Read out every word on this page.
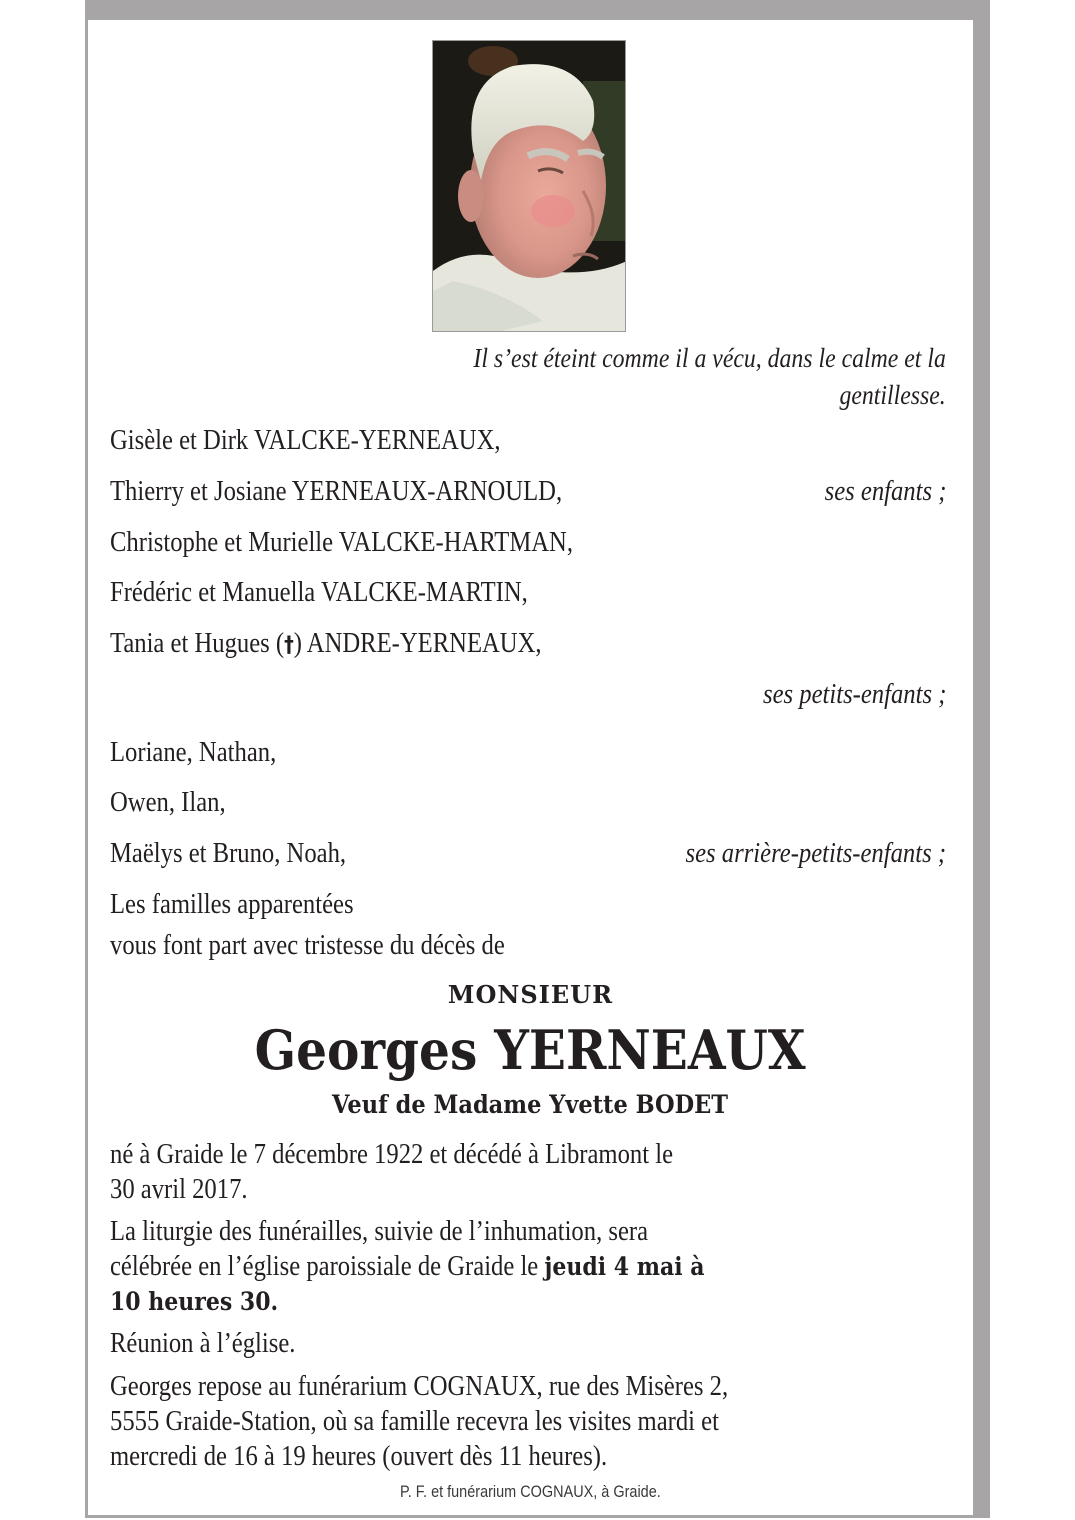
Il s’est éteint comme il a vécu, dans le calme et la
gentillesse.
Gisèle et Dirk VALCKE-YERNEAUX,
Thierry et Josiane YERNEAUX-ARNOULD,	ses enfants ;
Christophe et Murielle VALCKE-HARTMAN,
Frédéric et Manuella VALCKE-MARTIN,
Tania et Hugues (†) ANDRE-YERNEAUX,
ses petits-enfants ;
Loriane, Nathan,
Owen, Ilan,
Maëlys et Bruno, Noah,	ses arrière-petits-enfants ;
Les familles apparentées
vous font part avec tristesse du décès de
MONSIEUR
Georges YERNEAUX
Veuf de Madame Yvette BODET
né à Graide le 7 décembre 1922 et décédé à Libramont le
30 avril 2017.
La liturgie des funérailles, suivie de l’inhumation, sera
célébrée en l’église paroissiale de Graide le jeudi 4 mai à
10 heures 30.
Réunion à l’église.
Georges repose au funérarium COGNAUX, rue des Misères 2,
5555 Graide-Station, où sa famille recevra les visites mardi et
mercredi de 16 à 19 heures (ouvert dès 11 heures).
P. F. et funérarium COGNAUX, à Graide.
